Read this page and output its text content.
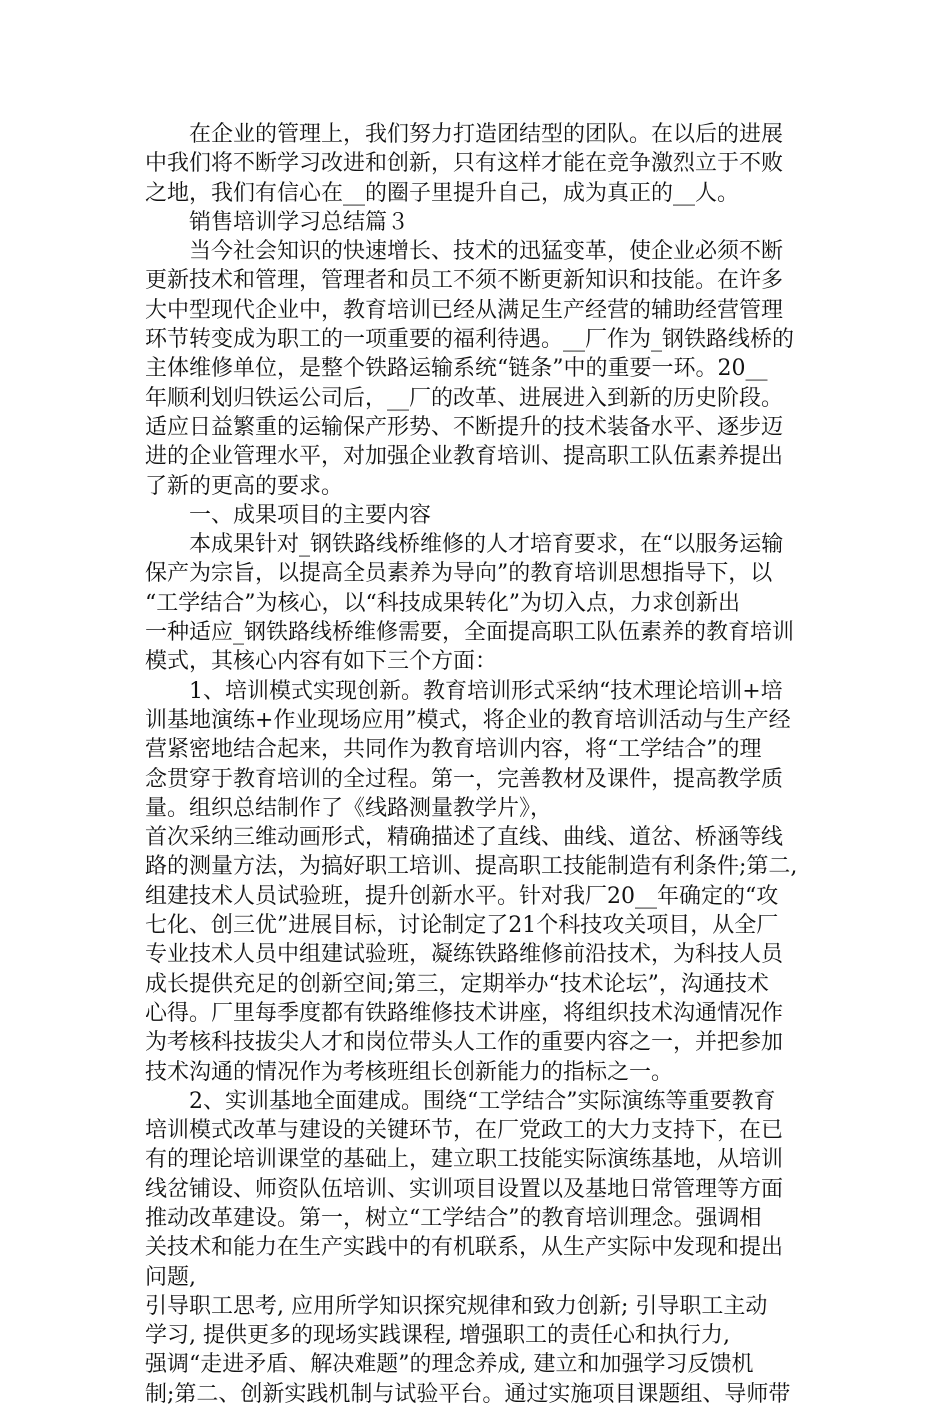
　　在企业的管理上，我们努力打造团结型的团队。在以后的进展
中我们将不断学习改进和创新，只有这样才能在竞争激烈立于不败
之地，我们有信心在__的圈子里提升自己，成为真正的__人。
　　销售培训学习总结篇３
　　当今社会知识的快速增长、技术的迅猛变革，使企业必须不断
更新技术和管理，管理者和员工不须不断更新知识和技能。在许多
大中型现代企业中，教育培训已经从满足生产经营的辅助经营管理
环节转变成为职工的一项重要的福利待遇。__厂作为_钢铁路线桥的
主体维修单位，是整个铁路运输系统“链条”中的重要一环。20__
年顺利划归铁运公司后，__厂的改革、进展进入到新的历史阶段。
适应日益繁重的运输保产形势、不断提升的技术装备水平、逐步迈
进的企业管理水平，对加强企业教育培训、提高职工队伍素养提出
了新的更高的要求。
　　一、成果项目的主要内容
　　本成果针对_钢铁路线桥维修的人才培育要求，在“以服务运输
保产为宗旨，以提高全员素养为导向”的教育培训思想指导下，以
“工学结合”为核心，以“科技成果转化”为切入点，力求创新出
一种适应_钢铁路线桥维修需要，全面提高职工队伍素养的教育培训
模式，其核心内容有如下三个方面：
　　1、培训模式实现创新。教育培训形式采纳“技术理论培训+培
训基地演练+作业现场应用”模式，将企业的教育培训活动与生产经
营紧密地结合起来，共同作为教育培训内容，将“工学结合”的理
念贯穿于教育培训的全过程。第一，完善教材及课件，提高教学质
量。组织总结制作了《线路测量教学片》，
首次采纳三维动画形式，精确描述了直线、曲线、道岔、桥涵等线
路的测量方法，为搞好职工培训、提高职工技能制造有利条件;第二,
组建技术人员试验班，提升创新水平。针对我厂20__年确定的“攻
七化、创三优”进展目标，讨论制定了21个科技攻关项目，从全厂
专业技术人员中组建试验班，凝练铁路维修前沿技术，为科技人员
成长提供充足的创新空间;第三，定期举办“技术论坛”，沟通技术
心得。厂里每季度都有铁路维修技术讲座，将组织技术沟通情况作
为考核科技拔尖人才和岗位带头人工作的重要内容之一，并把参加
技术沟通的情况作为考核班组长创新能力的指标之一。
　　2、实训基地全面建成。围绕“工学结合”实际演练等重要教育
培训模式改革与建设的关键环节，在厂党政工的大力支持下，在已
有的理论培训课堂的基础上，建立职工技能实际演练基地，从培训
线岔铺设、师资队伍培训、实训项目设置以及基地日常管理等方面
推动改革建设。第一，树立“工学结合”的教育培训理念。强调相
关技术和能力在生产实践中的有机联系，从生产实际中发现和提出
问题,
引导职工思考, 应用所学知识探究规律和致力创新; 引导职工主动
学习, 提供更多的现场实践课程, 增强职工的责任心和执行力,
强调“走进矛盾、解决难题”的理念养成, 建立和加强学习反馈机
制;第二、创新实践机制与试验平台。通过实施项目课题组、导师带
